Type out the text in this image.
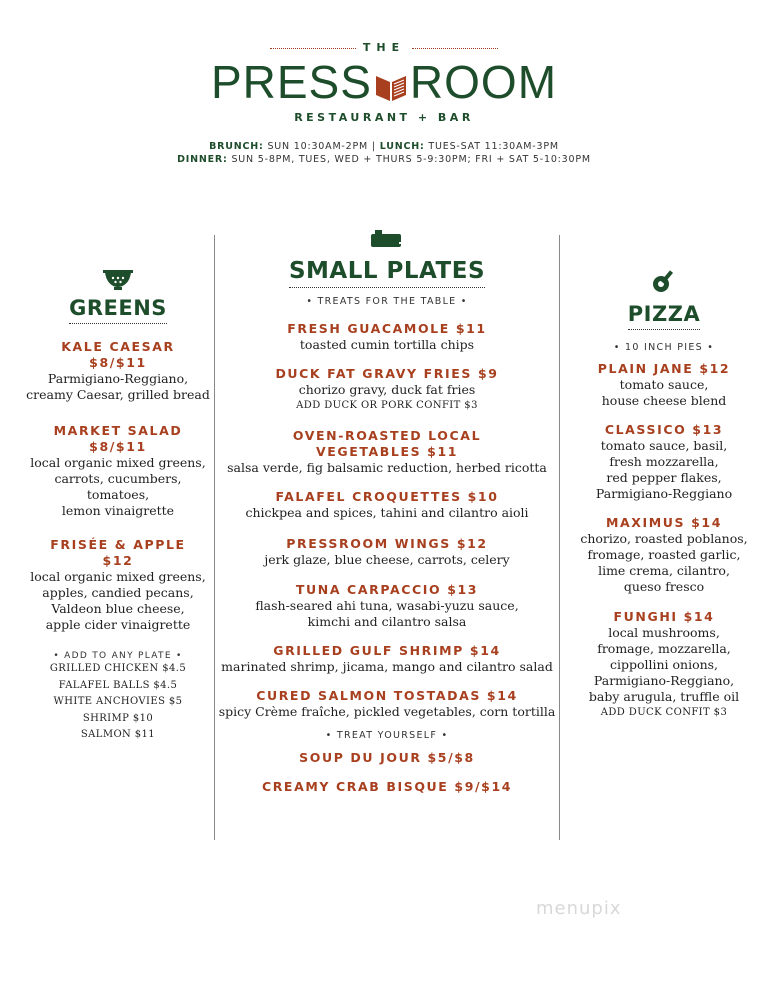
THE
PRESS ROOM
RESTAURANT + BAR
BRUNCH: SUN 10:30AM-2PM | LUNCH: TUES-SAT 11:30AM-3PM
DINNER: SUN 5-8PM, TUES, WED + THURS 5-9:30PM; FRI + SAT 5-10:30PM
GREENS
KALE CAESAR
$8/$11
Parmigiano-Reggiano,
creamy Caesar, grilled bread
MARKET SALAD
$8/$11
local organic mixed greens,
carrots, cucumbers,
tomatoes,
lemon vinaigrette
FRISÉE & APPLE
$12
local organic mixed greens,
apples, candied pecans,
Valdeon blue cheese,
apple cider vinaigrette
• ADD TO ANY PLATE •
GRILLED CHICKEN $4.5
FALAFEL BALLS $4.5
WHITE ANCHOVIES $5
SHRIMP $10
SALMON $11
SMALL PLATES
• TREATS FOR THE TABLE •
FRESH GUACAMOLE $11
toasted cumin tortilla chips
DUCK FAT GRAVY FRIES $9
chorizo gravy, duck fat fries
ADD DUCK OR PORK CONFIT $3
OVEN-ROASTED LOCAL
VEGETABLES $11
salsa verde, fig balsamic reduction, herbed ricotta
FALAFEL CROQUETTES $10
chickpea and spices, tahini and cilantro aioli
PRESSROOM WINGS $12
jerk glaze, blue cheese, carrots, celery
TUNA CARPACCIO $13
flash-seared ahi tuna, wasabi-yuzu sauce,
kimchi and cilantro salsa
GRILLED GULF SHRIMP $14
marinated shrimp, jicama, mango and cilantro salad
CURED SALMON TOSTADAS $14
spicy Crème fraîche, pickled vegetables, corn tortilla
• TREAT YOURSELF •
SOUP DU JOUR $5/$8
CREAMY CRAB BISQUE $9/$14
PIZZA
• 10 INCH PIES •
PLAIN JANE $12
tomato sauce,
house cheese blend
CLASSICO $13
tomato sauce, basil,
fresh mozzarella,
red pepper flakes,
Parmigiano-Reggiano
MAXIMUS $14
chorizo, roasted poblanos,
fromage, roasted garlic,
lime crema, cilantro,
queso fresco
FUNGHI $14
local mushrooms,
fromage, mozzarella,
cippollini onions,
Parmigiano-Reggiano,
baby arugula, truffle oil
ADD DUCK CONFIT $3
menupix
